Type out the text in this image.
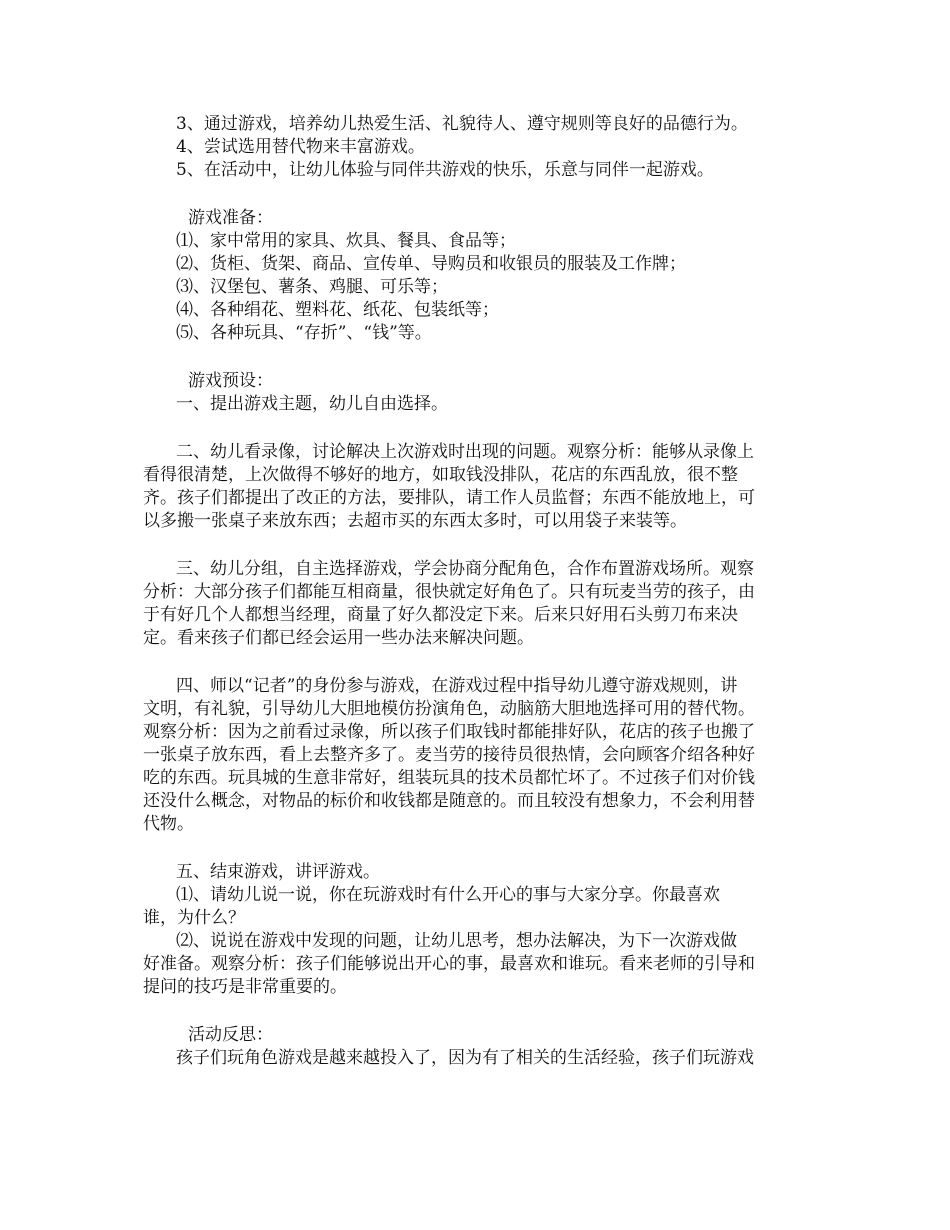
3、通过游戏，培养幼儿热爱生活、礼貌待人、遵守规则等良好的品德行为。
4、尝试选用替代物来丰富游戏。
5、在活动中，让幼儿体验与同伴共游戏的快乐，乐意与同伴一起游戏。
游戏准备：
⑴、家中常用的家具、炊具、餐具、食品等；
⑵、货柜、货架、商品、宣传单、导购员和收银员的服装及工作牌；
⑶、汉堡包、薯条、鸡腿、可乐等；
⑷、各种绢花、塑料花、纸花、包装纸等；
⑸、各种玩具、“存折”、“钱”等。
游戏预设：
一、提出游戏主题，幼儿自由选择。
二、幼儿看录像，讨论解决上次游戏时出现的问题。观察分析：能够从录像上
看得很清楚，上次做得不够好的地方，如取钱没排队，花店的东西乱放，很不整
齐。孩子们都提出了改正的方法，要排队，请工作人员监督；东西不能放地上，可
以多搬一张桌子来放东西；去超市买的东西太多时，可以用袋子来装等。
三、幼儿分组，自主选择游戏，学会协商分配角色，合作布置游戏场所。观察
分析：大部分孩子们都能互相商量，很快就定好角色了。只有玩麦当劳的孩子，由
于有好几个人都想当经理，商量了好久都没定下来。后来只好用石头剪刀布来决
定。看来孩子们都已经会运用一些办法来解决问题。
四、师以“记者”的身份参与游戏，在游戏过程中指导幼儿遵守游戏规则，讲
文明，有礼貌，引导幼儿大胆地模仿扮演角色，动脑筋大胆地选择可用的替代物。
观察分析：因为之前看过录像，所以孩子们取钱时都能排好队，花店的孩子也搬了
一张桌子放东西，看上去整齐多了。麦当劳的接待员很热情，会向顾客介绍各种好
吃的东西。玩具城的生意非常好，组装玩具的技术员都忙坏了。不过孩子们对价钱
还没什么概念，对物品的标价和收钱都是随意的。而且较没有想象力，不会利用替
代物。
五、结束游戏，讲评游戏。
⑴、请幼儿说一说，你在玩游戏时有什么开心的事与大家分享。你最喜欢
谁，为什么？
⑵、说说在游戏中发现的问题，让幼儿思考，想办法解决，为下一次游戏做
好准备。观察分析：孩子们能够说出开心的事，最喜欢和谁玩。看来老师的引导和
提问的技巧是非常重要的。
活动反思：
孩子们玩角色游戏是越来越投入了，因为有了相关的生活经验，孩子们玩游戏
